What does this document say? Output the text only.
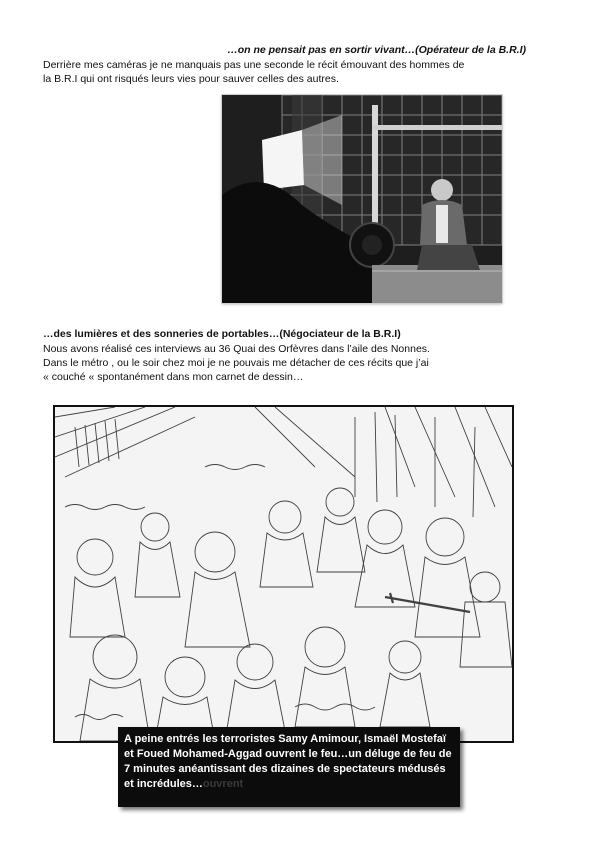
…on ne pensait pas en sortir vivant…(Opérateur de la B.R.I)
Derrière mes caméras je ne manquais pas une seconde le récit émouvant des hommes de
la B.R.I qui ont risqués leurs vies pour sauver celles des autres.
…des lumières et des sonneries de portables…(Négociateur de la B.R.I)
Nous avons réalisé ces interviews au 36 Quai des Orfèvres dans l’aile des Nonnes.
Dans le métro , ou le soir chez moi je ne pouvais me détacher de ces récits que j’ai
« couché « spontanément dans mon carnet de dessin…
A peine entrés les terroristes Samy Amimour, Ismaël Mostefaï et Foued Mohamed-Aggad ouvrent le feu…un déluge de feu de 7 minutes anéantissant des dizaines de spectateurs médusés et incrédules…ouvrent
